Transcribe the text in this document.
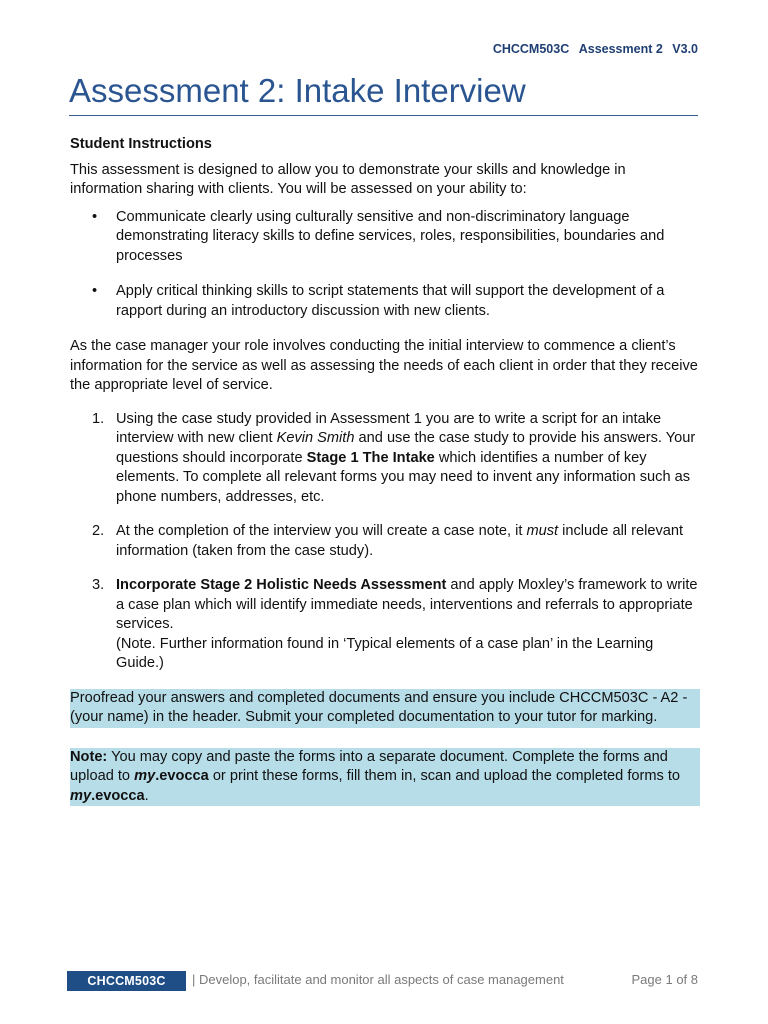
CHCCM503C Assessment 2 V3.0
Assessment 2: Intake Interview

Student Instructions

This assessment is designed to allow you to demonstrate your skills and knowledge in information sharing with clients. You will be assessed on your ability to:

• Communicate clearly using culturally sensitive and non-discriminatory language demonstrating literacy skills to define services, roles, responsibilities, boundaries and processes
• Apply critical thinking skills to script statements that will support the development of a rapport during an introductory discussion with new clients.

As the case manager your role involves conducting the initial interview to commence a client’s information for the service as well as assessing the needs of each client in order that they receive the appropriate level of service.

1. Using the case study provided in Assessment 1 you are to write a script for an intake interview with new client Kevin Smith and use the case study to provide his answers. Your questions should incorporate Stage 1 The Intake which identifies a number of key elements. To complete all relevant forms you may need to invent any information such as phone numbers, addresses, etc.
2. At the completion of the interview you will create a case note, it must include all relevant information (taken from the case study).
3. Incorporate Stage 2 Holistic Needs Assessment and apply Moxley’s framework to write a case plan which will identify immediate needs, interventions and referrals to appropriate services.
(Note. Further information found in ‘Typical elements of a case plan’ in the Learning Guide.)

Proofread your answers and completed documents and ensure you include CHCCM503C - A2 - (your name) in the header. Submit your completed documentation to your tutor for marking.

Note: You may copy and paste the forms into a separate document. Complete the forms and upload to my.evocca or print these forms, fill them in, scan and upload the completed forms to my.evocca.

CHCCM503C	| Develop, facilitate and monitor all aspects of case management	Page 1 of 8
